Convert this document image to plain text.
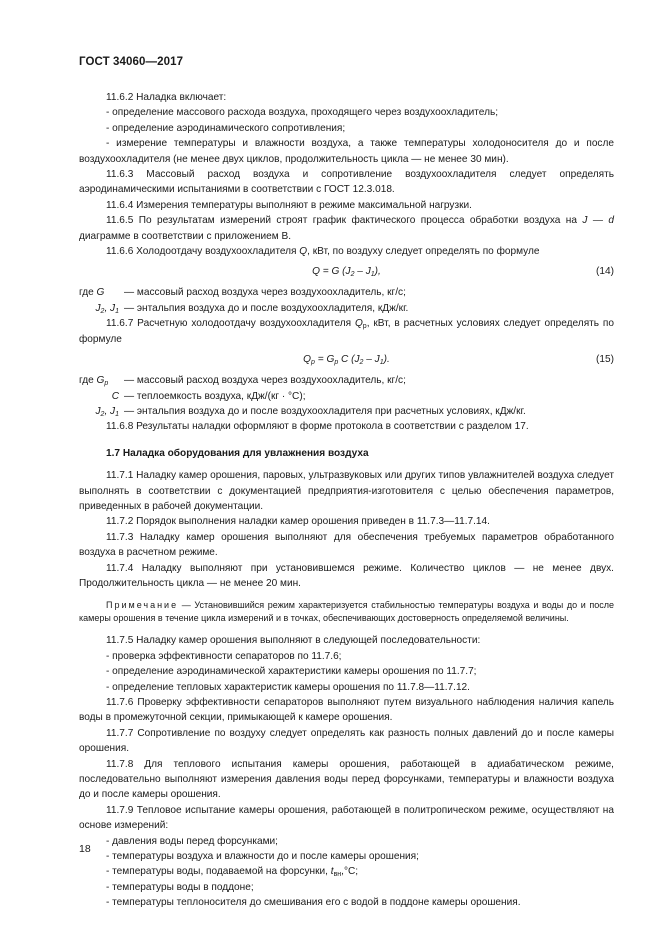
ГОСТ 34060—2017

11.6.2 Наладка включает:

- определение массового расхода воздуха, проходящего через воздухоохладитель;

- определение аэродинамического сопротивления;

- измерение температуры и влажности воздуха, а также температуры холодоносителя до и после воздухоохладителя (не менее двух циклов, продолжительность цикла — не менее 30 мин).

11.6.3 Массовый расход воздуха и сопротивление воздухоохладителя следует определять аэродинамическими испытаниями в соответствии с ГОСТ 12.3.018.

11.6.4 Измерения температуры выполняют в режиме максимальной нагрузки.

11.6.5 По результатам измерений строят график фактического процесса обработки воздуха на J — d диаграмме в соответствии с приложением В.

11.6.6 Холодоотдачу воздухоохладителя Q, кВт, по воздуху следует определять по формуле

Q = G $(J_2 - J_1)$,	(14)

где G	— массовый расход воздуха через воздухоохладитель, кг/с;

$J_2$, $J_1$ — энтальпия воздуха до и после воздухоохладителя, кДж/кг.

11.6.7 Расчетную холодоотдачу воздухоохладителя $Q_р$, кВт, в расчетных условиях следует определять по формуле

$Q_р = G_р$ C $(J_2 - J_1)$.	(15)

где $G_р$	— массовый расход воздуха через воздухоохладитель, кг/с;

С — теплоемкость воздуха, кДж/(кг · °С);

$J_2$, $J_1$ — энтальпия воздуха до и после воздухоохладителя при расчетных условиях, кДж/кг.

11.6.8 Результаты наладки оформляют в форме протокола в соответствии с разделом 17.

1.7 Наладка оборудования для увлажнения воздуха

11.7.1 Наладку камер орошения, паровых, ультразвуковых или других типов увлажнителей воздуха следует выполнять в соответствии с документацией предприятия-изготовителя с целью обеспечения параметров, приведенных в рабочей документации.

11.7.2 Порядок выполнения наладки камер орошения приведен в 11.7.3—11.7.14.

11.7.3 Наладку камер орошения выполняют для обеспечения требуемых параметров обработанного воздуха в расчетном режиме.

11.7.4 Наладку выполняют при установившемся режиме. Количество циклов — не менее двух. Продолжительность цикла — не менее 20 мин.

Примечание — Установившийся режим характеризуется стабильностью температуры воздуха и воды до и после камеры орошения в течение цикла измерений и в точках, обеспечивающих достоверность определяемой величины.

11.7.5 Наладку камер орошения выполняют в следующей последовательности:

- проверка эффективности сепараторов по 11.7.6;

- определение аэродинамической характеристики камеры орошения по 11.7.7;

- определение тепловых характеристик камеры орошения по 11.7.8—11.7.12.

11.7.6 Проверку эффективности сепараторов выполняют путем визуального наблюдения наличия капель воды в промежуточной секции, примыкающей к камере орошения.

11.7.7 Сопротивление по воздуху следует определять как разность полных давлений до и после камеры орошения.

11.7.8 Для теплового испытания камеры орошения, работающей в адиабатическом режиме, последовательно выполняют измерения давления воды перед форсунками, температуры и влажности воздуха до и после камеры орошения.

11.7.9 Тепловое испытание камеры орошения, работающей в политропическом режиме, осуществляют на основе измерений:

- давления воды перед форсунками;

- температуры воздуха и влажности до и после камеры орошения;

- температуры воды, подаваемой на форсунки, $t_{вн},^\circ С$;

- температуры воды в поддоне;

- температуры теплоносителя до смешивания его с водой в поддоне камеры орошения.

18
